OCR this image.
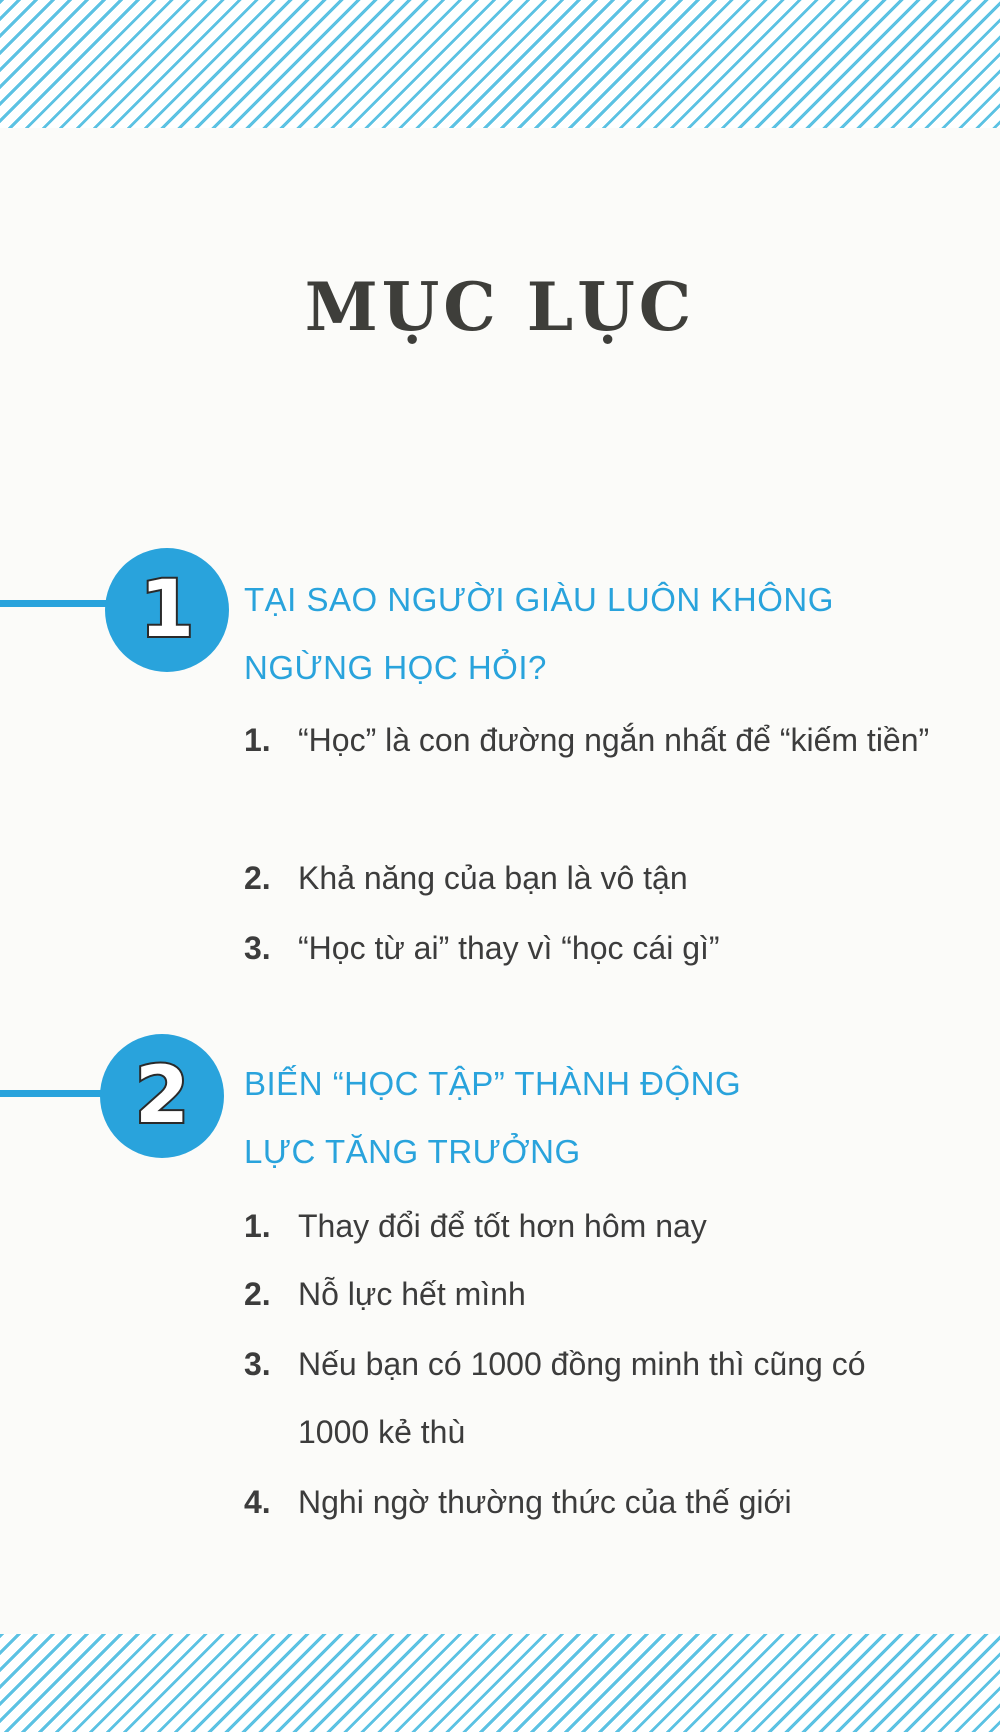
MỤC LỤC
1 TẠI SAO NGƯỜI GIÀU LUÔN KHÔNG NGỪNG HỌC HỎI?
1. “Học” là con đường ngắn nhất để “kiếm tiền”
2. Khả năng của bạn là vô tận
3. “Học từ ai” thay vì “học cái gì”
2 BIẾN “HỌC TẬP” THÀNH ĐỘNG LỰC TĂNG TRƯỞNG
1. Thay đổi để tốt hơn hôm nay
2. Nỗ lực hết mình
3. Nếu bạn có 1000 đồng minh thì cũng có 1000 kẻ thù
4. Nghi ngờ thường thức của thế giới
